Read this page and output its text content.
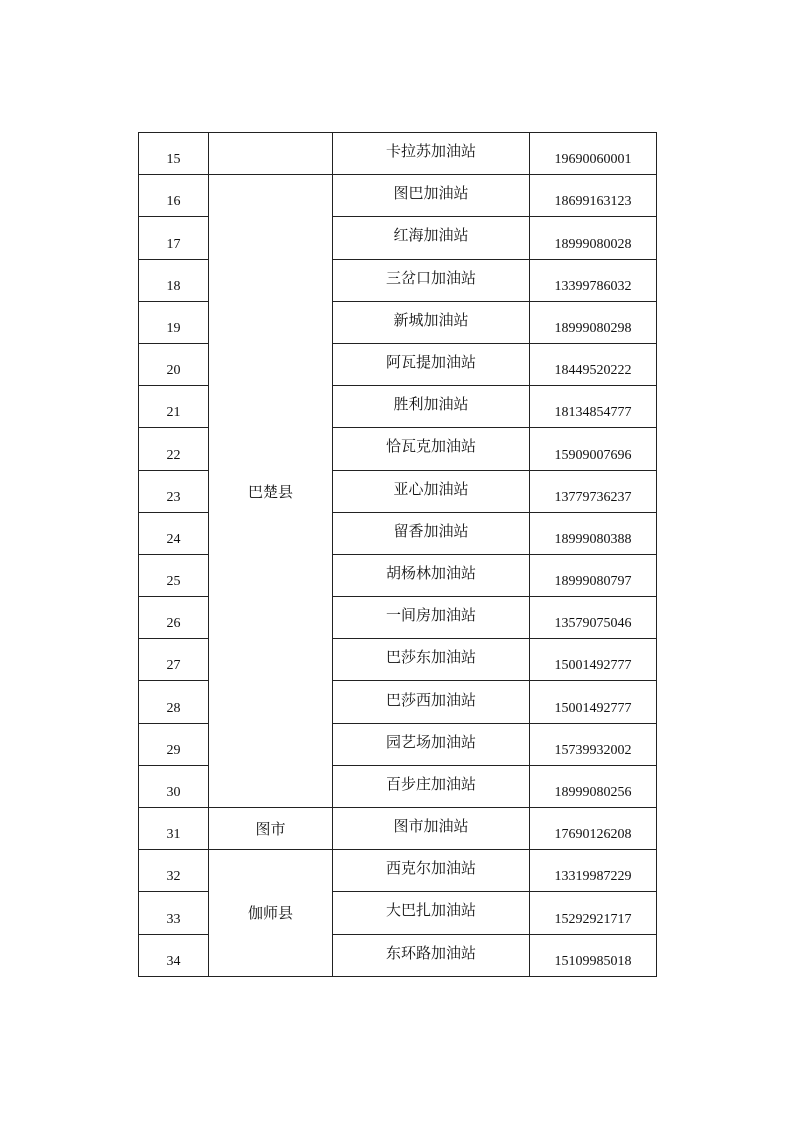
15		卡拉苏加油站	19690060001
16	巴楚县	图巴加油站	18699163123
17		红海加油站	18999080028
18		三岔口加油站	13399786032
19		新城加油站	18999080298
20		阿瓦提加油站	18449520222
21		胜利加油站	18134854777
22		恰瓦克加油站	15909007696
23		亚心加油站	13779736237
24		留香加油站	18999080388
25		胡杨林加油站	18999080797
26		一间房加油站	13579075046
27		巴莎东加油站	15001492777
28		巴莎西加油站	15001492777
29		园艺场加油站	15739932002
30		百步庄加油站	18999080256
31	图市	图市加油站	17690126208
32	伽师县	西克尔加油站	13319987229
33		大巴扎加油站	15292921717
34		东环路加油站	15109985018
